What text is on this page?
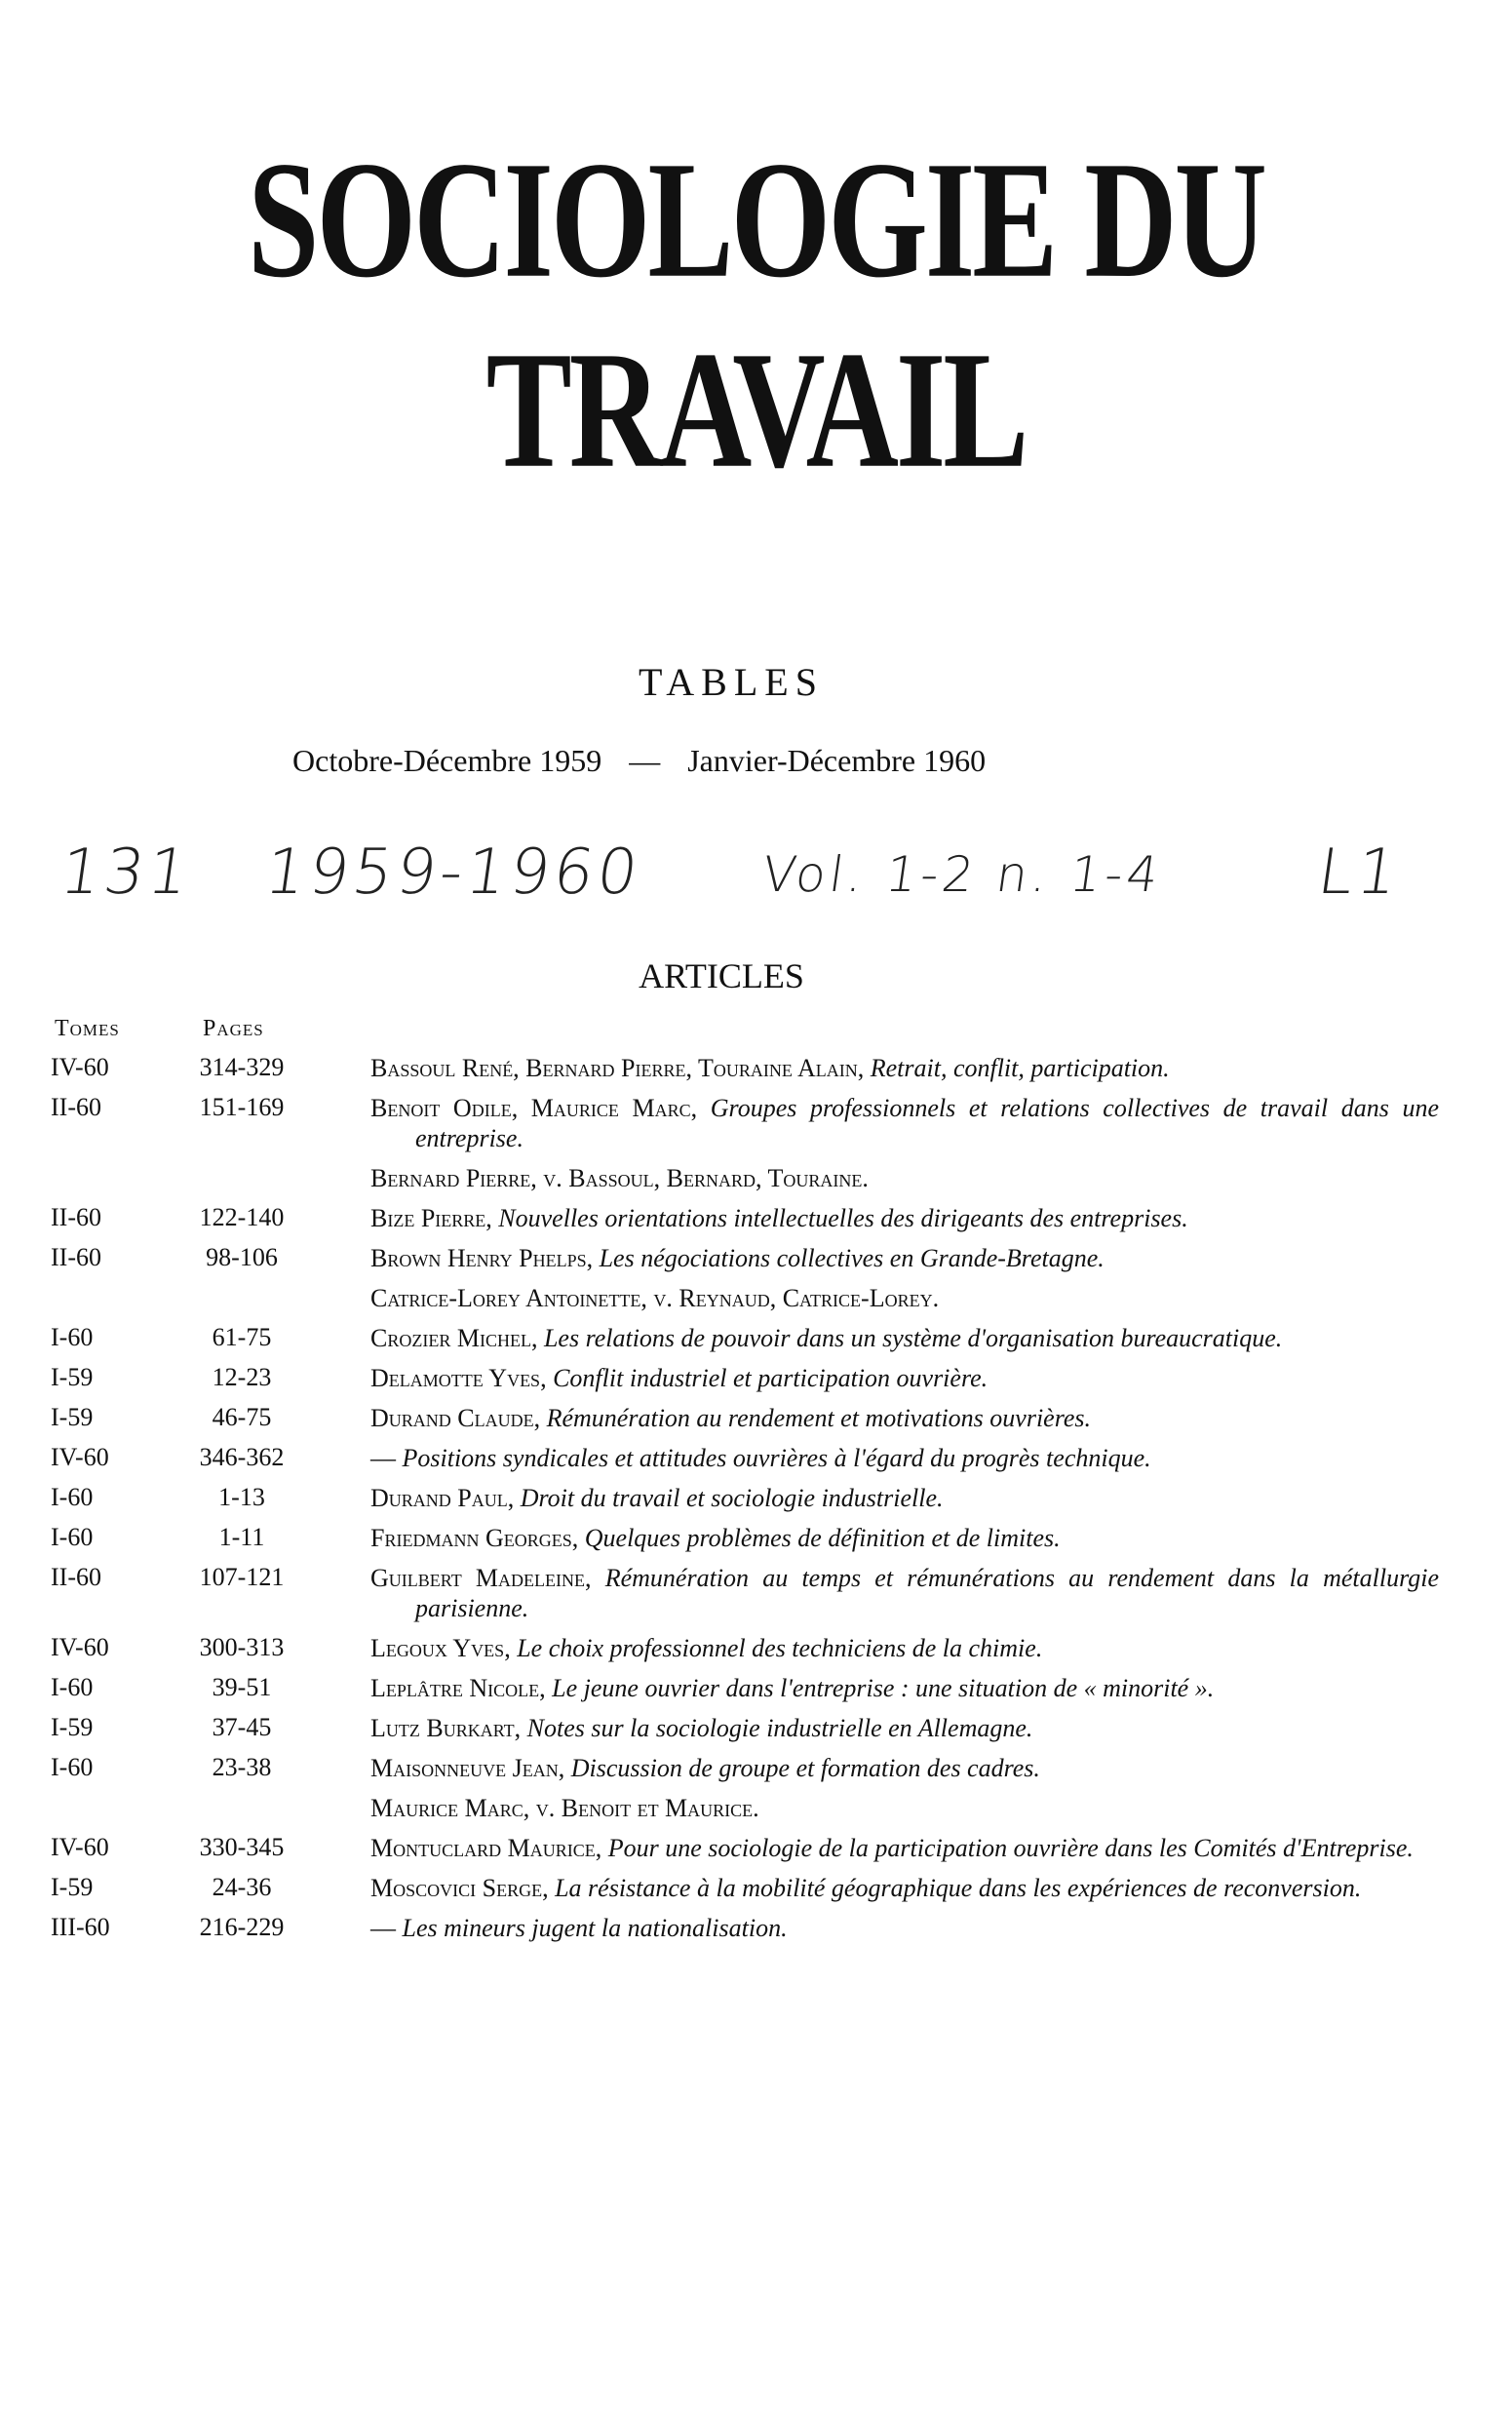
SOCIOLOGIE DU TRAVAIL
TABLES
Octobre-Décembre 1959 — Janvier-Décembre 1960
131 1959-1960 Vol. 1-2 n. 1-4 L1
ARTICLES
Tomes	Pages
IV-60	314-329	Bassoul René, Bernard Pierre, Touraine Alain, Retrait, conflit, participation.
II-60	151-169	Benoit Odile, Maurice Marc, Groupes professionnels et relations collectives de travail dans une entreprise.
Bernard Pierre, v. Bassoul, Bernard, Touraine.
II-60	122-140	Bize Pierre, Nouvelles orientations intellectuelles des dirigeants des entreprises.
II-60	98-106	Brown Henry Phelps, Les négociations collectives en Grande-Bretagne.
Catrice-Lorey Antoinette, v. Reynaud, Catrice-Lorey.
I-60	61-75	Crozier Michel, Les relations de pouvoir dans un système d'organisation bureaucratique.
I-59	12-23	Delamotte Yves, Conflit industriel et participation ouvrière.
I-59	46-75	Durand Claude, Rémunération au rendement et motivations ouvrières.
IV-60	346-362	— Positions syndicales et attitudes ouvrières à l'égard du progrès technique.
I-60	1-13	Durand Paul, Droit du travail et sociologie industrielle.
I-60	1-11	Friedmann Georges, Quelques problèmes de définition et de limites.
II-60	107-121	Guilbert Madeleine, Rémunération au temps et rémunérations au rendement dans la métallurgie parisienne.
IV-60	300-313	Legoux Yves, Le choix professionnel des techniciens de la chimie.
I-60	39-51	Leplâtre Nicole, Le jeune ouvrier dans l'entreprise : une situation de « minorité ».
I-59	37-45	Lutz Burkart, Notes sur la sociologie industrielle en Allemagne.
I-60	23-38	Maisonneuve Jean, Discussion de groupe et formation des cadres.
Maurice Marc, v. Benoit et Maurice.
IV-60	330-345	Montuclard Maurice, Pour une sociologie de la participation ouvrière dans les Comités d'Entreprise.
I-59	24-36	Moscovici Serge, La résistance à la mobilité géographique dans les expériences de reconversion.
III-60	216-229	— Les mineurs jugent la nationalisation.
